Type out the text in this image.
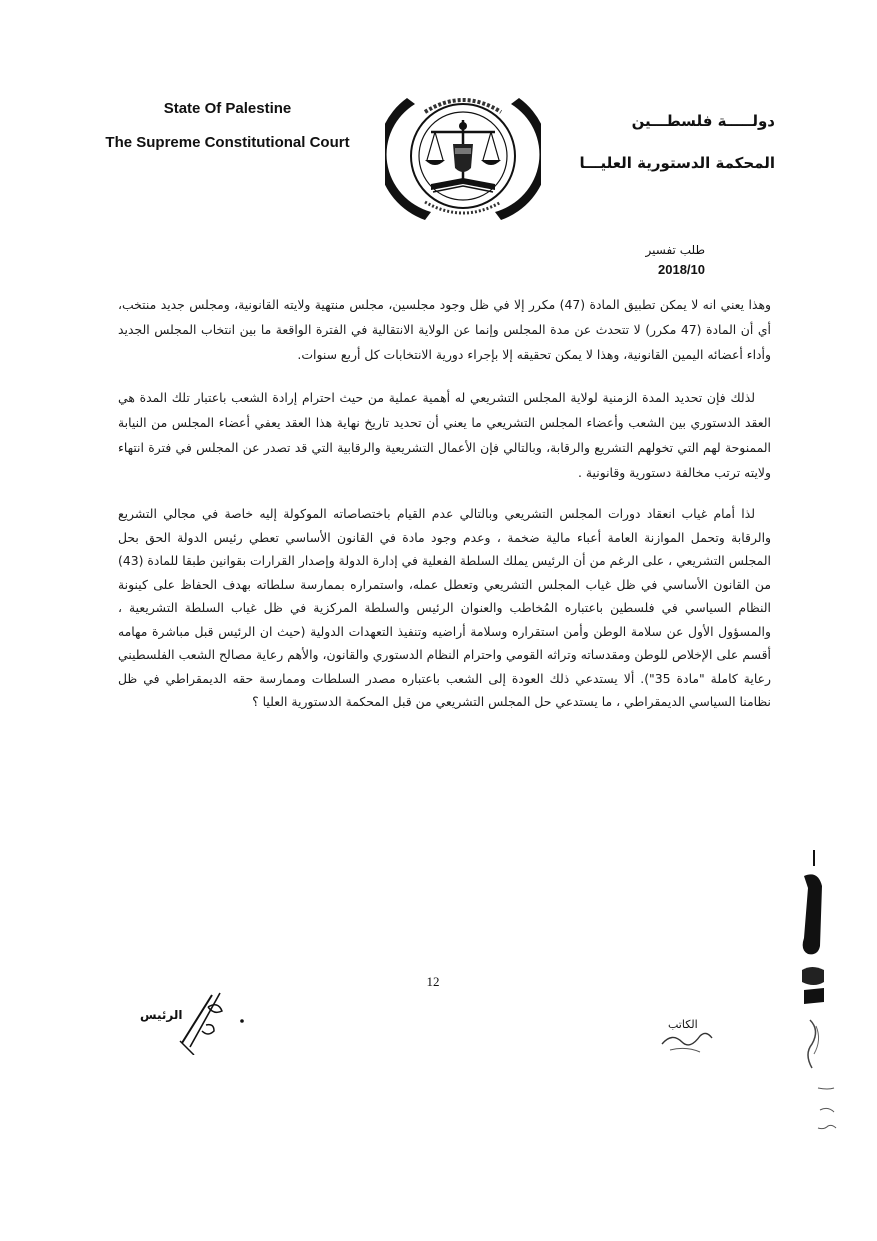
State Of Palestine
The Supreme Constitutional Court
دولـــــة فلسطـــين
المحكمة الدستورية العليـــا
طلب تفسير
2018/10

وهذا يعني انه لا يمكن تطبيق المادة (47) مكرر إلا في ظل وجود مجلسين، مجلس منتهية ولايته القانونية، ومجلس جديد منتخب، أي أن المادة (47 مكرر) لا تتحدث عن مدة المجلس وإنما عن الولاية الانتقالية في الفترة الواقعة ما بين انتخاب المجلس الجديد وأداء أعضائه اليمين القانونية، وهذا لا يمكن تحقيقه إلا بإجراء دورية الانتخابات كل أربع سنوات.

لذلك فإن تحديد المدة الزمنية لولاية المجلس التشريعي له أهمية عملية من حيث احترام إرادة الشعب باعتبار تلك المدة هي العقد الدستوري بين الشعب وأعضاء المجلس التشريعي ما يعني أن تحديد تاريخ نهاية هذا العقد يعفي أعضاء المجلس من النيابة الممنوحة لهم التي تخولهم التشريع والرقابة، وبالتالي فإن الأعمال التشريعية والرقابية التي قد تصدر عن المجلس في فترة انتهاء ولايته ترتب مخالفة دستورية وقانونية .

لذا أمام غياب انعقاد دورات المجلس التشريعي وبالتالي عدم القيام باختصاصاته الموكولة إليه خاصة في مجالي التشريع والرقابة وتحمل الموازنة العامة أعباء مالية ضخمة ، وعدم وجود مادة في القانون الأساسي تعطي رئيس الدولة الحق بحل المجلس التشريعي ، على الرغم من أن الرئيس يملك السلطة الفعلية في إدارة الدولة وإصدار القرارات بقوانين طبقا للمادة (43) من القانون الأساسي في ظل غياب المجلس التشريعي وتعطل عمله، واستمراره بممارسة سلطاته بهدف الحفاظ على كينونة النظام السياسي في فلسطين باعتباره المُخاطب والعنوان الرئيس والسلطة المركزية في ظل غياب السلطة التشريعية ، والمسؤول الأول عن سلامة الوطن وأمن استقراره وسلامة أراضيه وتنفيذ التعهدات الدولية (حيث ان الرئيس قبل مباشرة مهامه أقسم على الإخلاص للوطن ومقدساته وتراثه القومي واحترام النظام الدستوري والقانون، والأهم رعاية مصالح الشعب الفلسطيني رعاية كاملة "مادة 35"). ألا يستدعي ذلك العودة إلى الشعب باعتباره مصدر السلطات وممارسة حقه الديمقراطي في ظل نظامنا السياسي الديمقراطي ، ما يستدعي حل المجلس التشريعي من قبل المحكمة الدستورية العليا ؟

12
الرئيس
الكاتب
